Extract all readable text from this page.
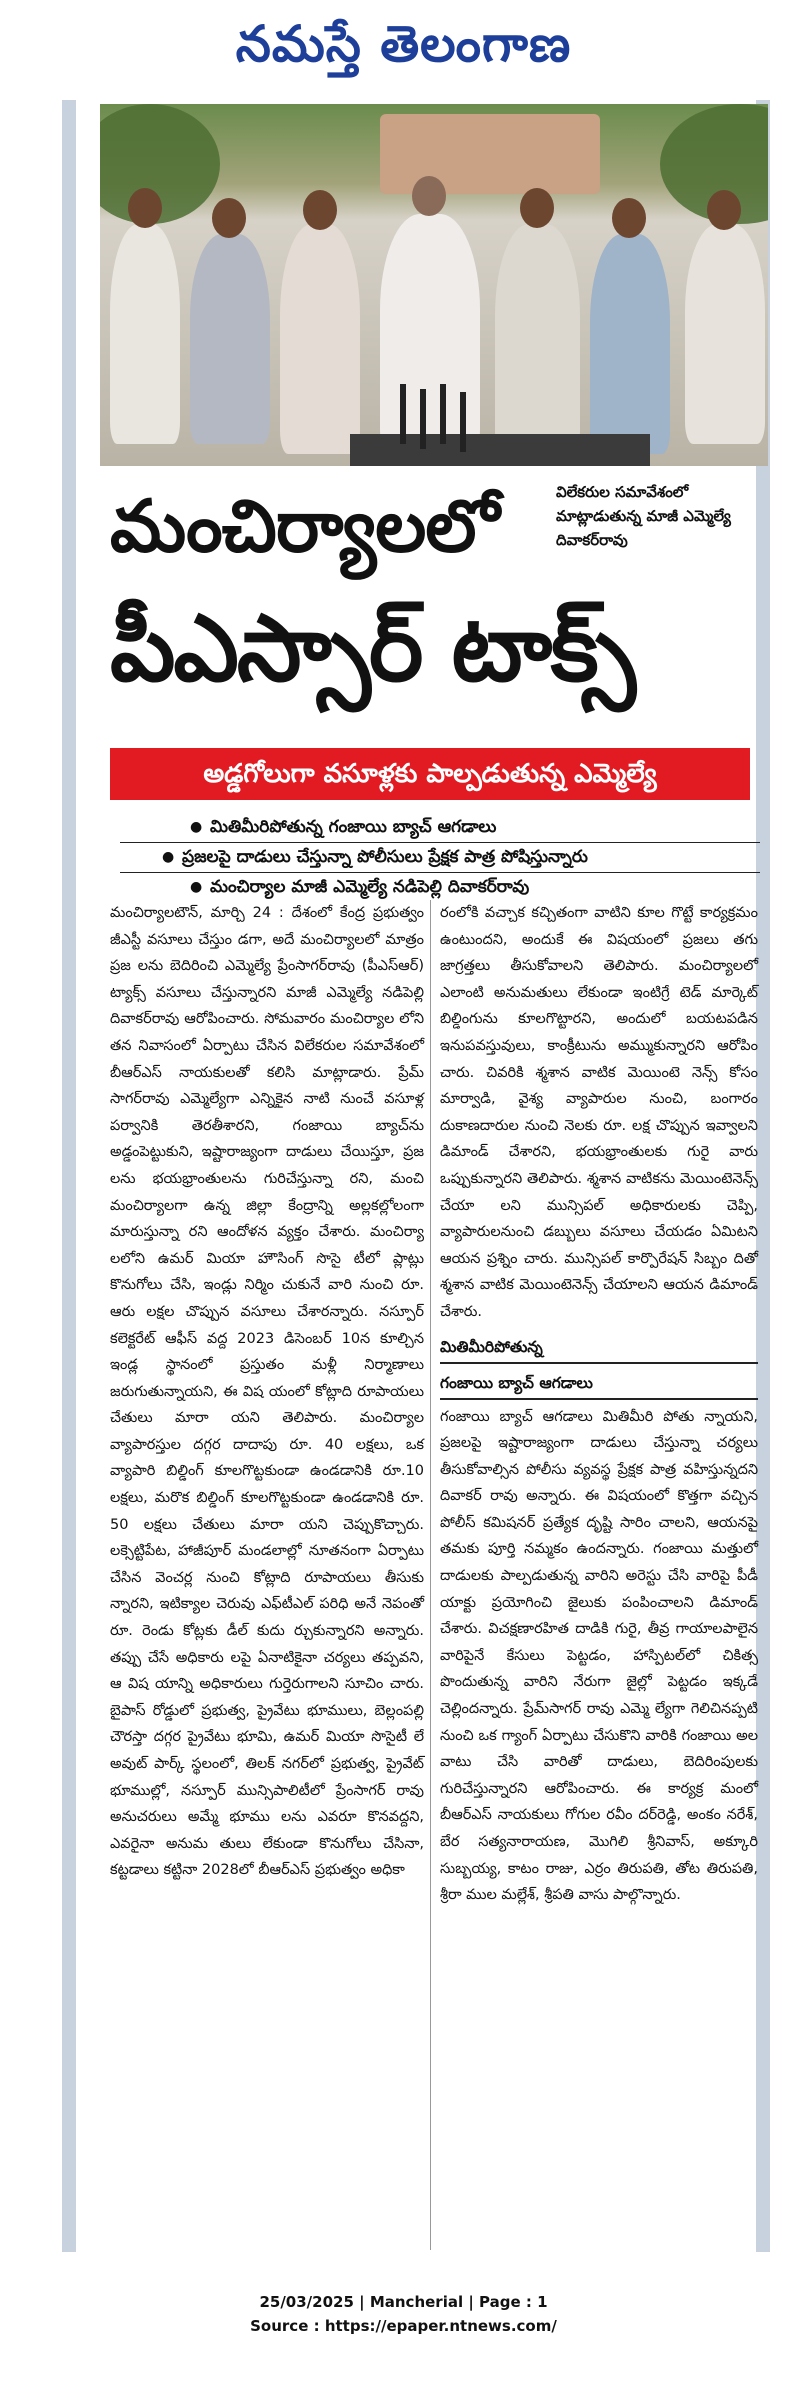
నమస్తే తెలంగాణ
విలేకరుల సమావేశంలో
మాట్లాడుతున్న మాజీ ఎమ్మెల్యే
దివాకర్‌రావు
మంచిర్యాలలో
పీఎస్సార్ టాక్స్
అడ్డగోలుగా వసూళ్లకు పాల్పడుతున్న ఎమ్మెల్యే
● మితిమీరిపోతున్న గంజాయి బ్యాచ్ ఆగడాలు
● ప్రజలపై దాడులు చేస్తున్నా పోలీసులు ప్రేక్షక పాత్ర పోషిస్తున్నారు
● మంచిర్యాల మాజీ ఎమ్మెల్యే నడిపెల్లి దివాకర్‌రావు

మంచిర్యాలటౌన్, మార్చి 24 : దేశంలో కేంద్ర ప్రభుత్వం జీఎస్టీ వసూలు చేస్తుం డగా, అదే మంచిర్యాలలో మాత్రం ప్రజ లను బెదిరించి ఎమ్మెల్యే ప్రేంసాగర్‌రావు (పీఎస్‌ఆర్) ట్యాక్స్ వసూలు చేస్తున్నారని మాజీ ఎమ్మెల్యే నడిపెల్లి దివాకర్‌రావు ఆరోపించారు. సోమవారం మంచిర్యాల లోని తన నివాసంలో ఏర్పాటు చేసిన విలేకరుల సమావేశంలో బీఆర్‌ఎస్ నాయకులతో కలిసి మాట్లాడారు. ప్రేమ్ సాగర్‌రావు ఎమ్మెల్యేగా ఎన్నికైన నాటి నుంచే వసూళ్ల పర్వానికి తెరతీశారని, గంజాయి బ్యాచ్‌ను అడ్డంపెట్టుకుని, ఇష్టారాజ్యంగా దాడులు చేయిస్తూ, ప్రజ లను భయభ్రాంతులను గురిచేస్తున్నా రని, మంచి మంచిర్యాలగా ఉన్న జిల్లా కేంద్రాన్ని అల్లకల్లోలంగా మారుస్తున్నా రని ఆందోళన వ్యక్తం చేశారు. మంచిర్యా లలోని ఉమర్ మియా హౌసింగ్ సొసై టీలో ప్లాట్లు కొనుగోలు చేసి, ఇండ్లు నిర్మిం చుకునే వారి నుంచి రూ. ఆరు లక్షల చొప్పున వసూలు చేశారన్నారు. నస్పూర్ కలెక్టరేట్ ఆఫీస్ వద్ద 2023 డిసెంబర్ 10న కూల్చిన ఇండ్ల స్థానంలో ప్రస్తుతం మళ్లీ నిర్మాణాలు జరుగుతున్నాయని, ఈ విష యంలో కోట్లాది రూపాయలు చేతులు మారా యని తెలిపారు. మంచిర్యాల వ్యాపారస్తుల దగ్గర దాదాపు రూ. 40 లక్షలు, ఒక వ్యాపారి బిల్డింగ్ కూలగొట్టకుండా ఉండడానికి రూ.10 లక్షలు, మరొక బిల్డింగ్ కూలగొట్టకుండా ఉండడానికి రూ. 50 లక్షలు చేతులు మారా యని చెప్పుకొచ్చారు. లక్సెట్టిపేట, హాజీపూర్ మండలాల్లో నూతనంగా ఏర్పాటు చేసిన వెంచర్ల నుంచి కోట్లాది రూపాయలు తీసుకు న్నారని, ఇటిక్యాల చెరువు ఎఫ్‌టీఎల్ పరిధి అనే నెపంతో రూ. రెండు కోట్లకు డీల్ కుదు ర్చుకున్నారని అన్నారు. తప్పు చేసే అధికారు లపై ఏనాటికైనా చర్యలు తప్పవని, ఆ విష యాన్ని అధికారులు గుర్తెరుగాలని సూచిం చారు. బైపాస్ రోడ్డులో ప్రభుత్వ, ప్రైవేటు భూములు, బెల్లంపల్లి చౌరస్తా దగ్గర ప్రైవేటు భూమి, ఉమర్ మియా సొసైటీ లే అవుట్ పార్క్ స్థలంలో, తిలక్ నగర్‌లో ప్రభుత్వ, ప్రైవేట్ భూముల్లో, నస్పూర్ మున్సిపాలిటీలో ప్రేంసాగర్ రావు అనుచరులు అమ్మే భూము లను ఎవరూ కొనవద్దని, ఎవరైనా అనుమ తులు లేకుండా కొనుగోలు చేసినా, కట్టడాలు కట్టినా 2028లో బీఆర్‌ఎస్ ప్రభుత్వం అధికా

రంలోకి వచ్చాక కచ్చితంగా వాటిని కూల గొట్టే కార్యక్రమం ఉంటుందని, అందుకే ఈ విషయంలో ప్రజలు తగు జాగ్రత్తలు తీసుకోవాలని తెలిపారు. మంచిర్యాలలో ఎలాంటి అనుమతులు లేకుండా ఇంటిగ్రే టెడ్ మార్కెట్ బిల్డింగును కూలగొట్టారని, అందులో బయటపడిన ఇనుపవస్తువులు, కాంక్రీటును అమ్ముకున్నారని ఆరోపిం చారు. చివరికి శ్మశాన వాటిక మెయింటె నెన్స్ కోసం మార్వాడి, వైశ్య వ్యాపారుల నుంచి, బంగారం దుకాణదారుల నుంచి నెలకు రూ. లక్ష చొప్పున ఇవ్వాలని డిమాండ్ చేశారని, భయభ్రాంతులకు గురై వారు ఒప్పుకున్నారని తెలిపారు. శ్మశాన వాటికను మెయింటెనెన్స్ చేయా లని మున్సిపల్ అధికారులకు చెప్పి, వ్యాపారులనుంచి డబ్బులు వసూలు చేయడం ఏమిటని ఆయన ప్రశ్నిం చారు. మున్సిపల్ కార్పొరేషన్ సిబ్బం దితో శ్మశాన వాటిక మెయింటెనెన్స్ చేయాలని ఆయన డిమాండ్ చేశారు.

మితిమీరిపోతున్న
గంజాయి బ్యాచ్ ఆగడాలు

గంజాయి బ్యాచ్ ఆగడాలు మితిమీరి పోతు న్నాయని, ప్రజలపై ఇష్టారాజ్యంగా దాడులు చేస్తున్నా చర్యలు తీసుకోవాల్సిన పోలీసు వ్యవస్థ ప్రేక్షక పాత్ర వహిస్తున్నదని దివాకర్ రావు అన్నారు. ఈ విషయంలో కొత్తగా వచ్చిన పోలీస్ కమిషనర్ ప్రత్యేక దృష్టి సారిం చాలని, ఆయనపై తమకు పూర్తి నమ్మకం ఉందన్నారు. గంజాయి మత్తులో దాడులకు పాల్పడుతున్న వారిని అరెస్టు చేసి వారిపై పీడీ యాక్టు ప్రయోగించి జైలుకు పంపించాలని డిమాండ్ చేశారు. విచక్షణారహిత దాడికి గురై, తీవ్ర గాయాలపాలైన వారిపైనే కేసులు పెట్టడం, హాస్పిటల్‌లో చికిత్స పొందుతున్న వారిని నేరుగా జైల్లో పెట్టడం ఇక్కడే చెల్లిందన్నారు. ప్రేమ్‌సాగర్ రావు ఎమ్మె ల్యేగా గెలిచినప్పటి నుంచి ఒక గ్యాంగ్ ఏర్పాటు చేసుకొని వారికి గంజాయి అల వాటు చేసి వారితో దాడులు, బెదిరింపులకు గురిచేస్తున్నారని ఆరోపించారు. ఈ కార్యక్ర మంలో బీఆర్‌ఎస్ నాయకులు గోగుల రవీం దర్‌రెడ్డి, అంకం నరేశ్, బేర సత్యనారాయణ, మొగిలి శ్రీనివాస్, అక్కూరి సుబ్బయ్య, కాటం రాజు, ఎర్రం తిరుపతి, తోట తిరుపతి, శ్రీరా ముల మల్లేశ్, శ్రీపతి వాసు పాల్గొన్నారు.

25/03/2025 | Mancherial | Page : 1
Source : https://epaper.ntnews.com/
